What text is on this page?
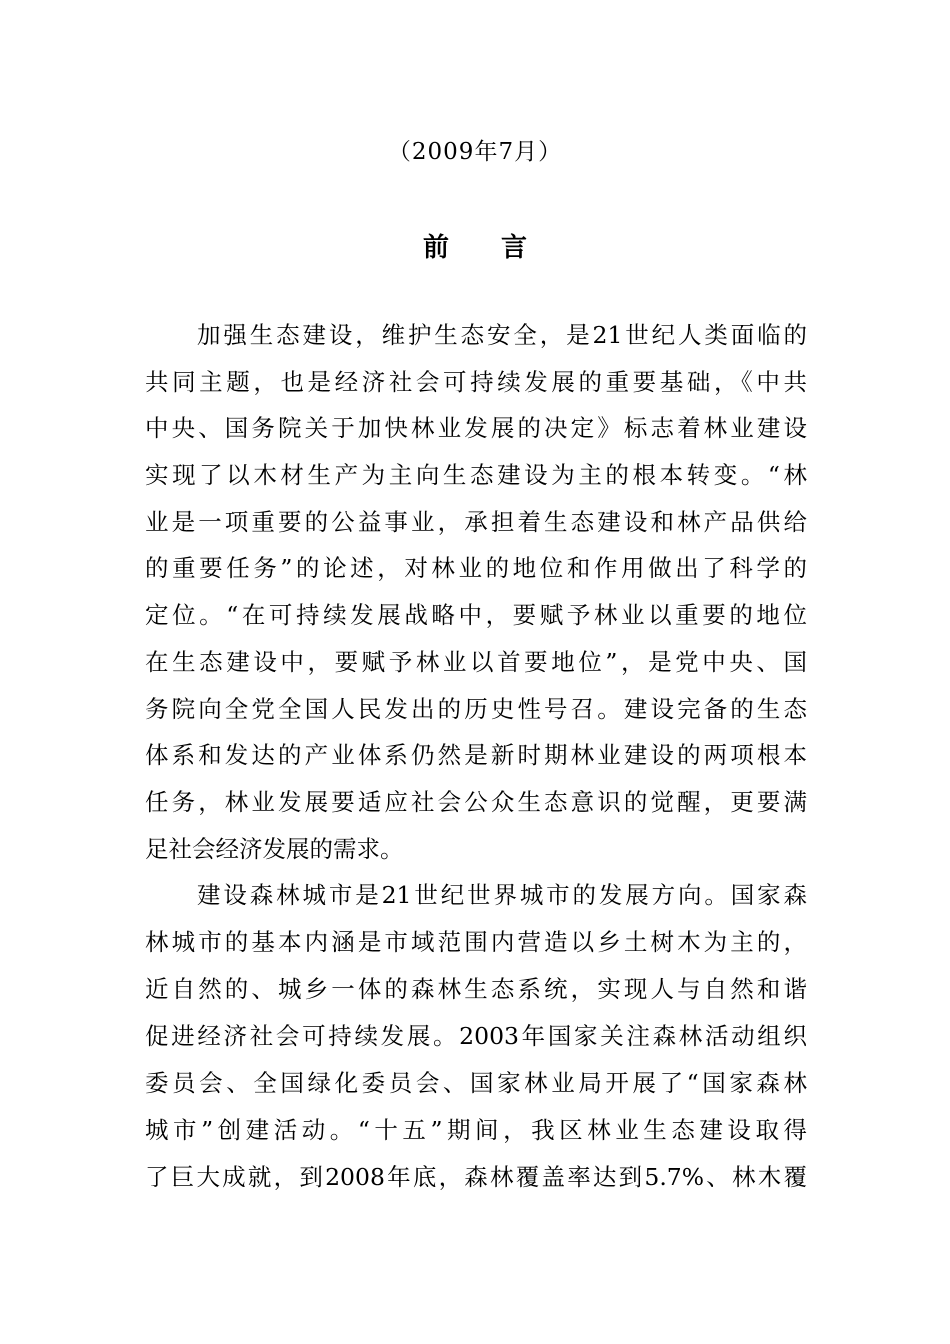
（2009年7月）
前言
加强生态建设，维护生态安全，是21世纪人类面临的
共同主题，也是经济社会可持续发展的重要基础，《中共
中央、国务院关于加快林业发展的决定》标志着林业建设
实现了以木材生产为主向生态建设为主的根本转变。“林
业是一项重要的公益事业，承担着生态建设和林产品供给
的重要任务”的论述，对林业的地位和作用做出了科学的
定位。“在可持续发展战略中，要赋予林业以重要的地位
在生态建设中，要赋予林业以首要地位”，是党中央、国
务院向全党全国人民发出的历史性号召。建设完备的生态
体系和发达的产业体系仍然是新时期林业建设的两项根本
任务，林业发展要适应社会公众生态意识的觉醒，更要满
足社会经济发展的需求。
建设森林城市是21世纪世界城市的发展方向。国家森
林城市的基本内涵是市域范围内营造以乡土树木为主的，
近自然的、城乡一体的森林生态系统，实现人与自然和谐
促进经济社会可持续发展。2003年国家关注森林活动组织
委员会、全国绿化委员会、国家林业局开展了“国家森林
城市”创建活动。“十五”期间，我区林业生态建设取得
了巨大成就，到2008年底，森林覆盖率达到5.7%、林木覆
